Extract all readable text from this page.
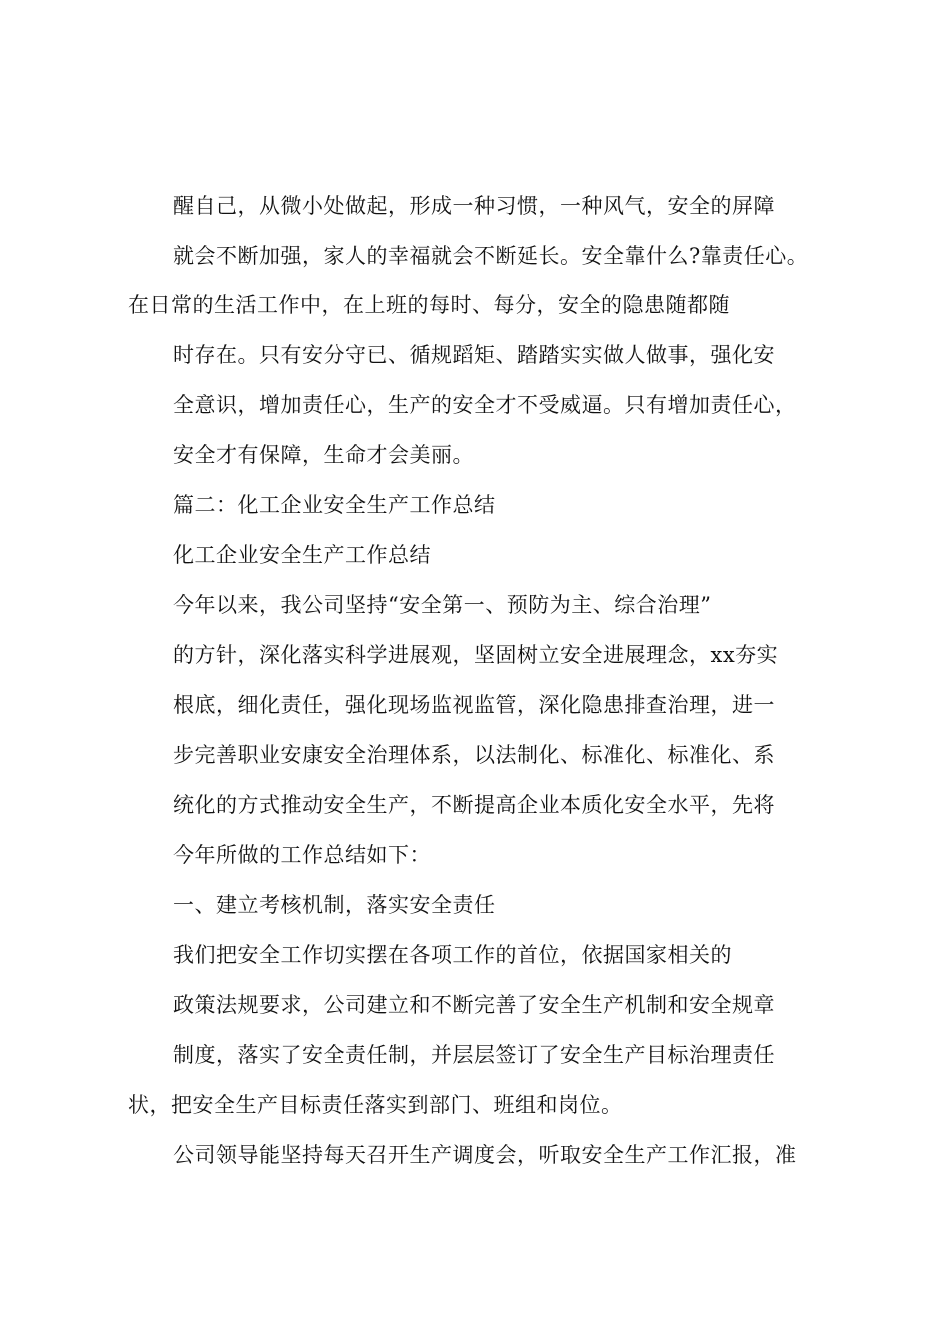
醒自己，从微小处做起，形成一种习惯，一种风气，安全的屏障
就会不断加强，家人的幸福就会不断延长。安全靠什么?靠责任心。
在日常的生活工作中，在上班的每时、每分，安全的隐患随都随
时存在。只有安分守已、循规蹈矩、踏踏实实做人做事，强化安
全意识，增加责任心，生产的安全才不受威逼。只有增加责任心，
安全才有保障，生命才会美丽。
篇二：化工企业安全生产工作总结
化工企业安全生产工作总结
今年以来，我公司坚持“安全第一、预防为主、综合治理”
的方针，深化落实科学进展观，坚固树立安全进展理念，xx夯实
根底，细化责任，强化现场监视监管，深化隐患排查治理，进一
步完善职业安康安全治理体系，以法制化、标准化、标准化、系
统化的方式推动安全生产，不断提高企业本质化安全水平，先将
今年所做的工作总结如下：
一、建立考核机制，落实安全责任
我们把安全工作切实摆在各项工作的首位，依据国家相关的
政策法规要求，公司建立和不断完善了安全生产机制和安全规章
制度，落实了安全责任制，并层层签订了安全生产目标治理责任
状，把安全生产目标责任落实到部门、班组和岗位。
公司领导能坚持每天召开生产调度会，听取安全生产工作汇报，准
